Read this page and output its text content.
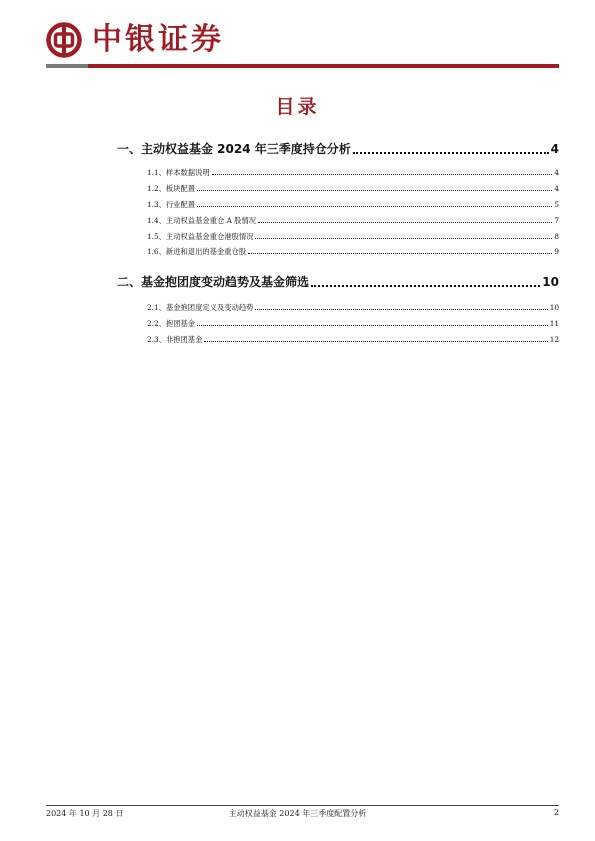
中银证券
目录
一、主动权益基金 2024 年三季度持仓分析	4
1.1、样本数据说明	4
1.2、板块配置	4
1.3、行业配置	5
1.4、主动权益基金重仓 A 股情况	7
1.5、主动权益基金重仓港股情况	8
1.6、新进和退出的基金重仓股	9
二、基金抱团度变动趋势及基金筛选	10
2.1、基金抱团度定义及变动趋势	10
2.2、抱团基金	11
2.3、非抱团基金	12
2024 年 10 月 28 日	主动权益基金 2024 年三季度配置分析	2
